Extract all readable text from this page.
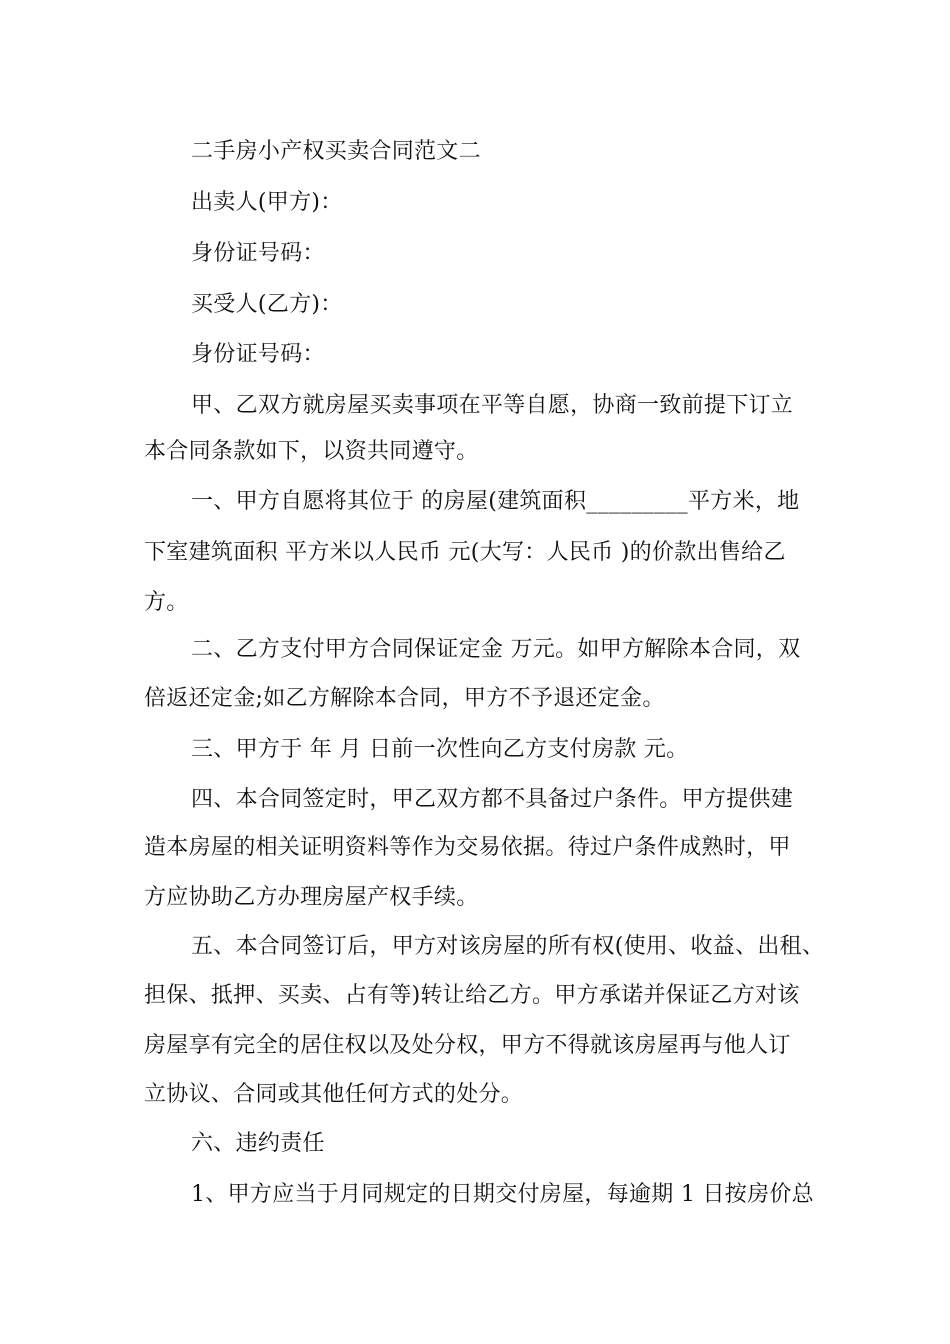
二手房小产权买卖合同范文二
出卖人(甲方)：
身份证号码：
买受人(乙方)：
身份证号码：
甲、乙双方就房屋买卖事项在平等自愿，协商一致前提下订立
本合同条款如下，以资共同遵守。
一、甲方自愿将其位于 的房屋(建筑面积_________平方米，地
下室建筑面积 平方米以人民币 元(大写：人民币 )的价款出售给乙
方。
二、乙方支付甲方合同保证定金 万元。如甲方解除本合同，双
倍返还定金;如乙方解除本合同，甲方不予退还定金。
三、甲方于 年 月 日前一次性向乙方支付房款 元。
四、本合同签定时，甲乙双方都不具备过户条件。甲方提供建
造本房屋的相关证明资料等作为交易依据。待过户条件成熟时，甲
方应协助乙方办理房屋产权手续。
五、本合同签订后，甲方对该房屋的所有权(使用、收益、出租、
担保、抵押、买卖、占有等)转让给乙方。甲方承诺并保证乙方对该
房屋享有完全的居住权以及处分权，甲方不得就该房屋再与他人订
立协议、合同或其他任何方式的处分。
六、违约责任
1、甲方应当于月同规定的日期交付房屋，每逾期 1 日按房价总
